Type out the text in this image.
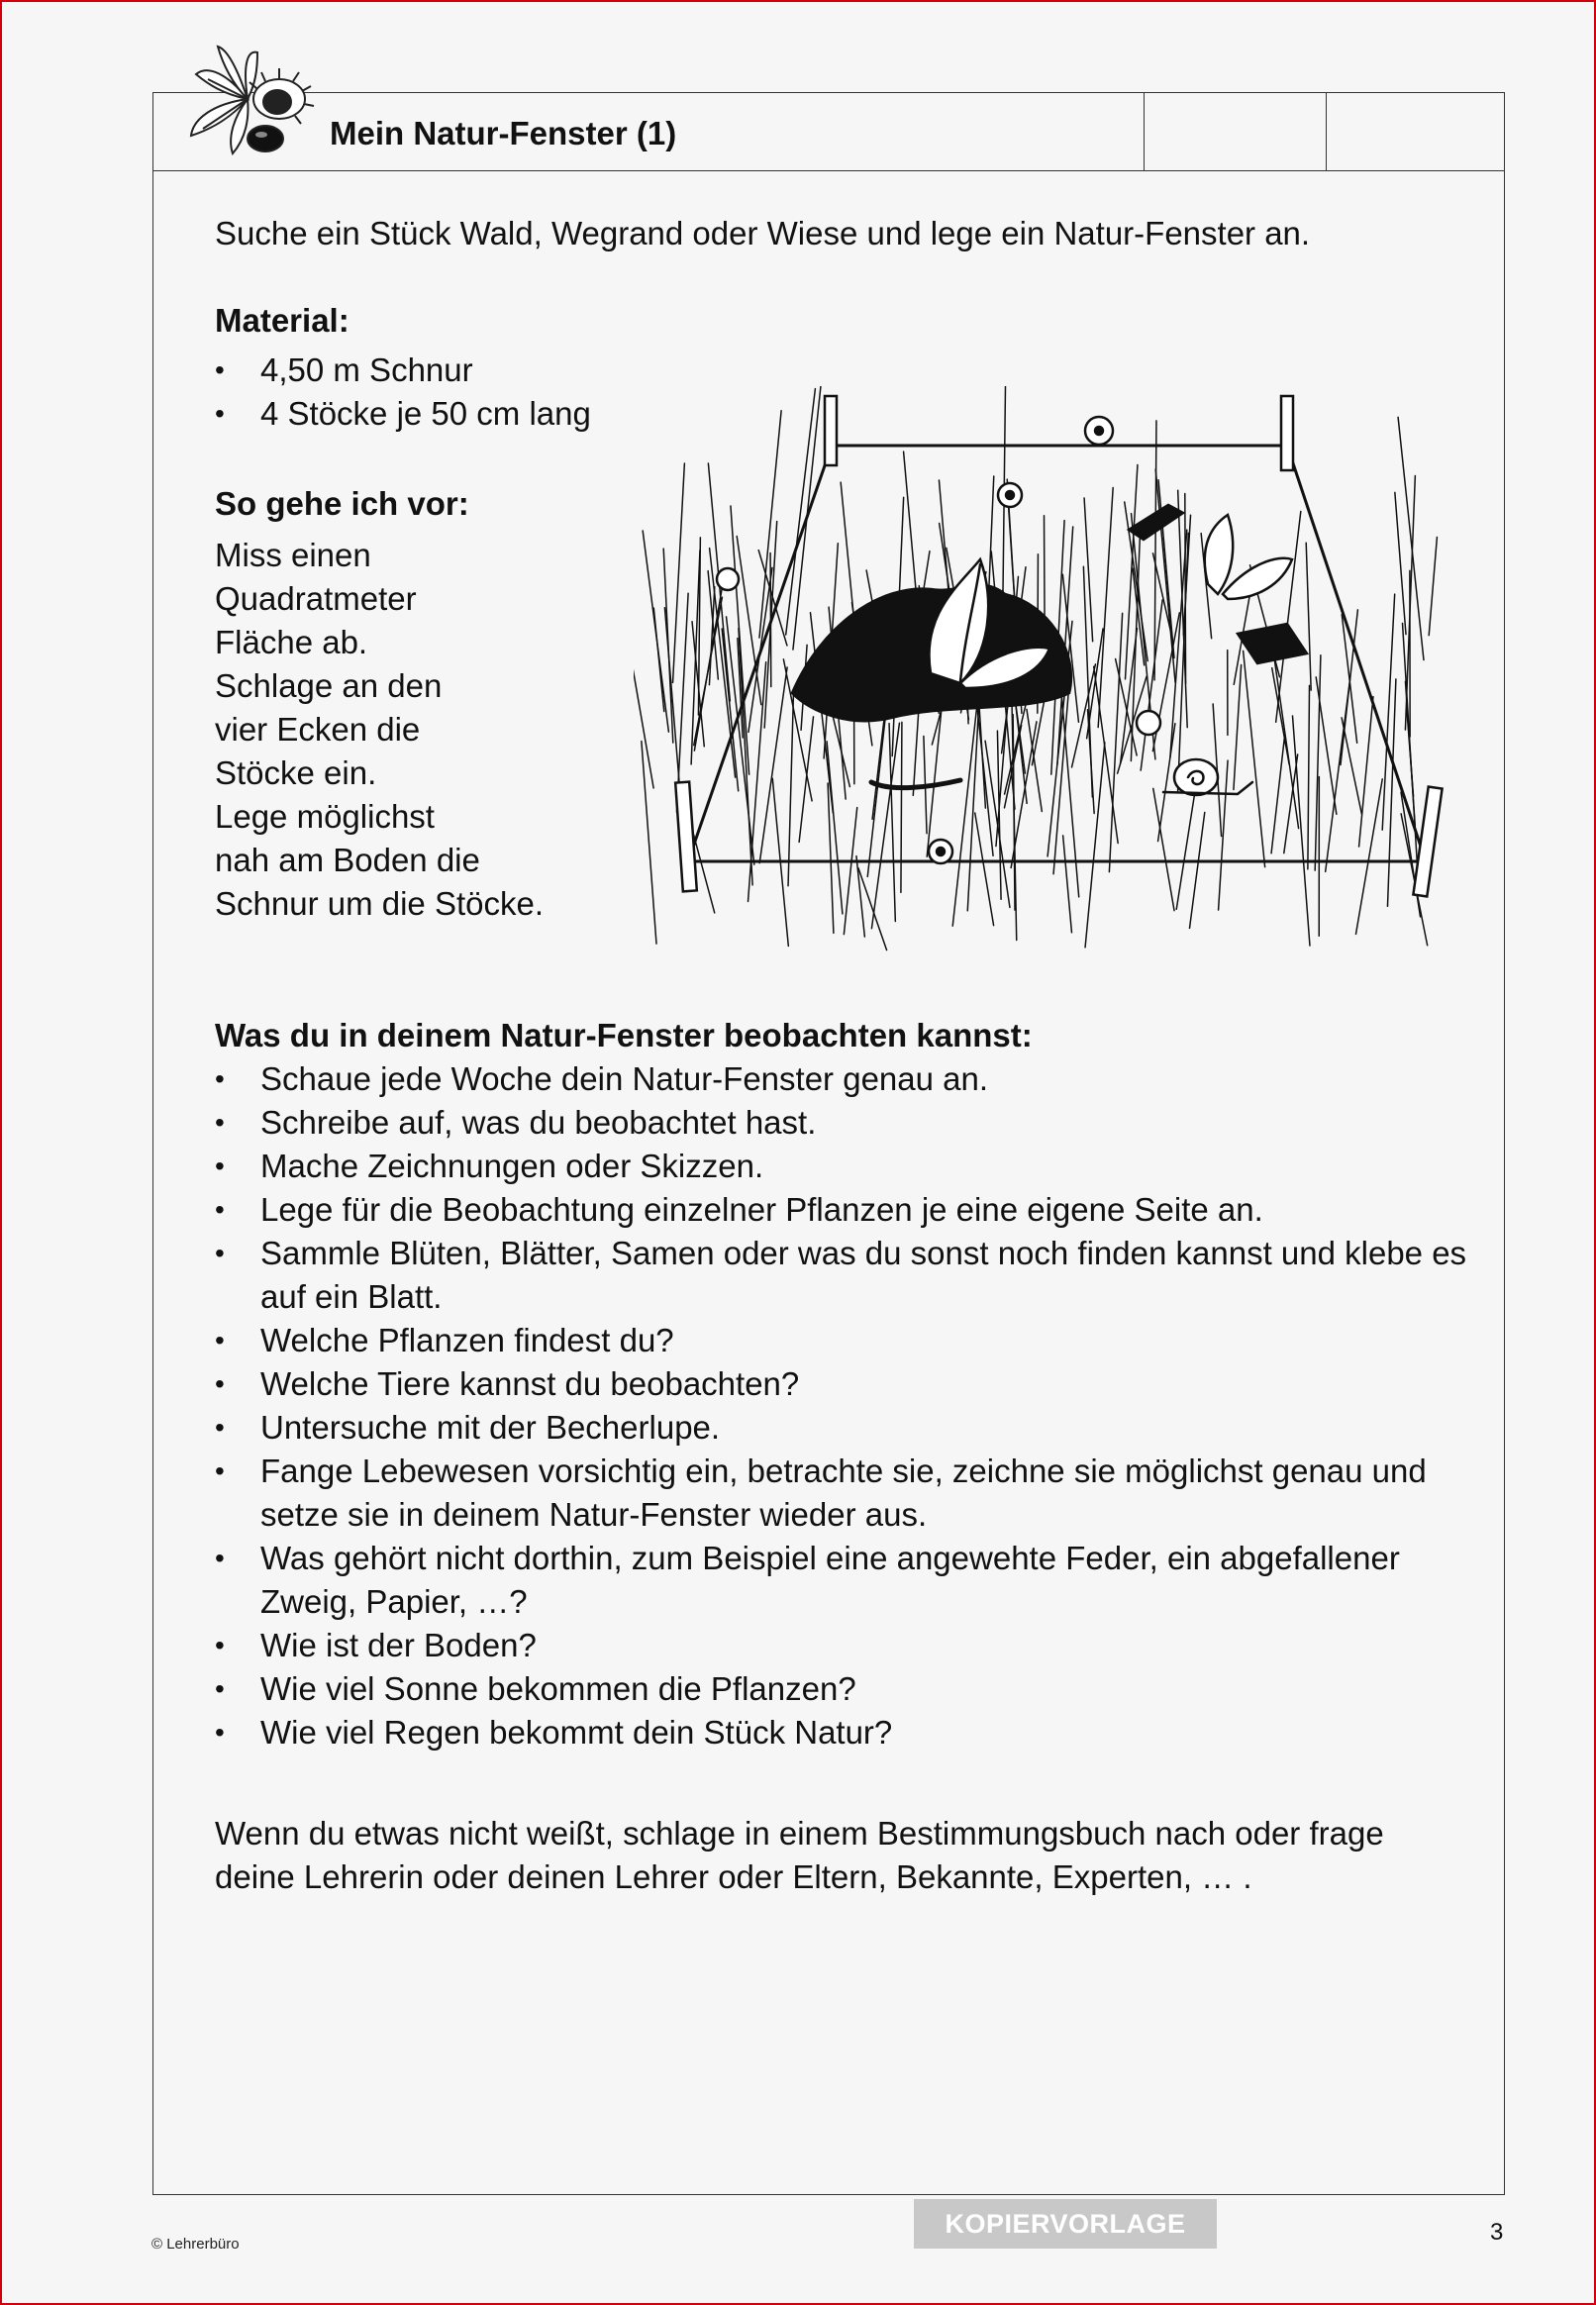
Mein Natur-Fenster (1)
Suche ein Stück Wald, Wegrand oder Wiese und lege ein Natur-Fenster an.
Material:
• 4,50 m Schnur
• 4 Stöcke je 50 cm lang
So gehe ich vor:
Miss einen
Quadratmeter
Fläche ab.
Schlage an den
vier Ecken die
Stöcke ein.
Lege möglichst
nah am Boden die
Schnur um die Stöcke.
Was du in deinem Natur-Fenster beobachten kannst:
• Schaue jede Woche dein Natur-Fenster genau an.
• Schreibe auf, was du beobachtet hast.
• Mache Zeichnungen oder Skizzen.
• Lege für die Beobachtung einzelner Pflanzen je eine eigene Seite an.
• Sammle Blüten, Blätter, Samen oder was du sonst noch finden kannst und klebe es auf ein Blatt.
• Welche Pflanzen findest du?
• Welche Tiere kannst du beobachten?
• Untersuche mit der Becherlupe.
• Fange Lebewesen vorsichtig ein, betrachte sie, zeichne sie möglichst genau und setze sie in deinem Natur-Fenster wieder aus.
• Was gehört nicht dorthin, zum Beispiel eine angewehte Feder, ein abgefallener Zweig, Papier, …?
• Wie ist der Boden?
• Wie viel Sonne bekommen die Pflanzen?
• Wie viel Regen bekommt dein Stück Natur?
Wenn du etwas nicht weißt, schlage in einem Bestimmungsbuch nach oder frage deine Lehrerin oder deinen Lehrer oder Eltern, Bekannte, Experten, … .
© Lehrerbüro
KOPIERVORLAGE	3
